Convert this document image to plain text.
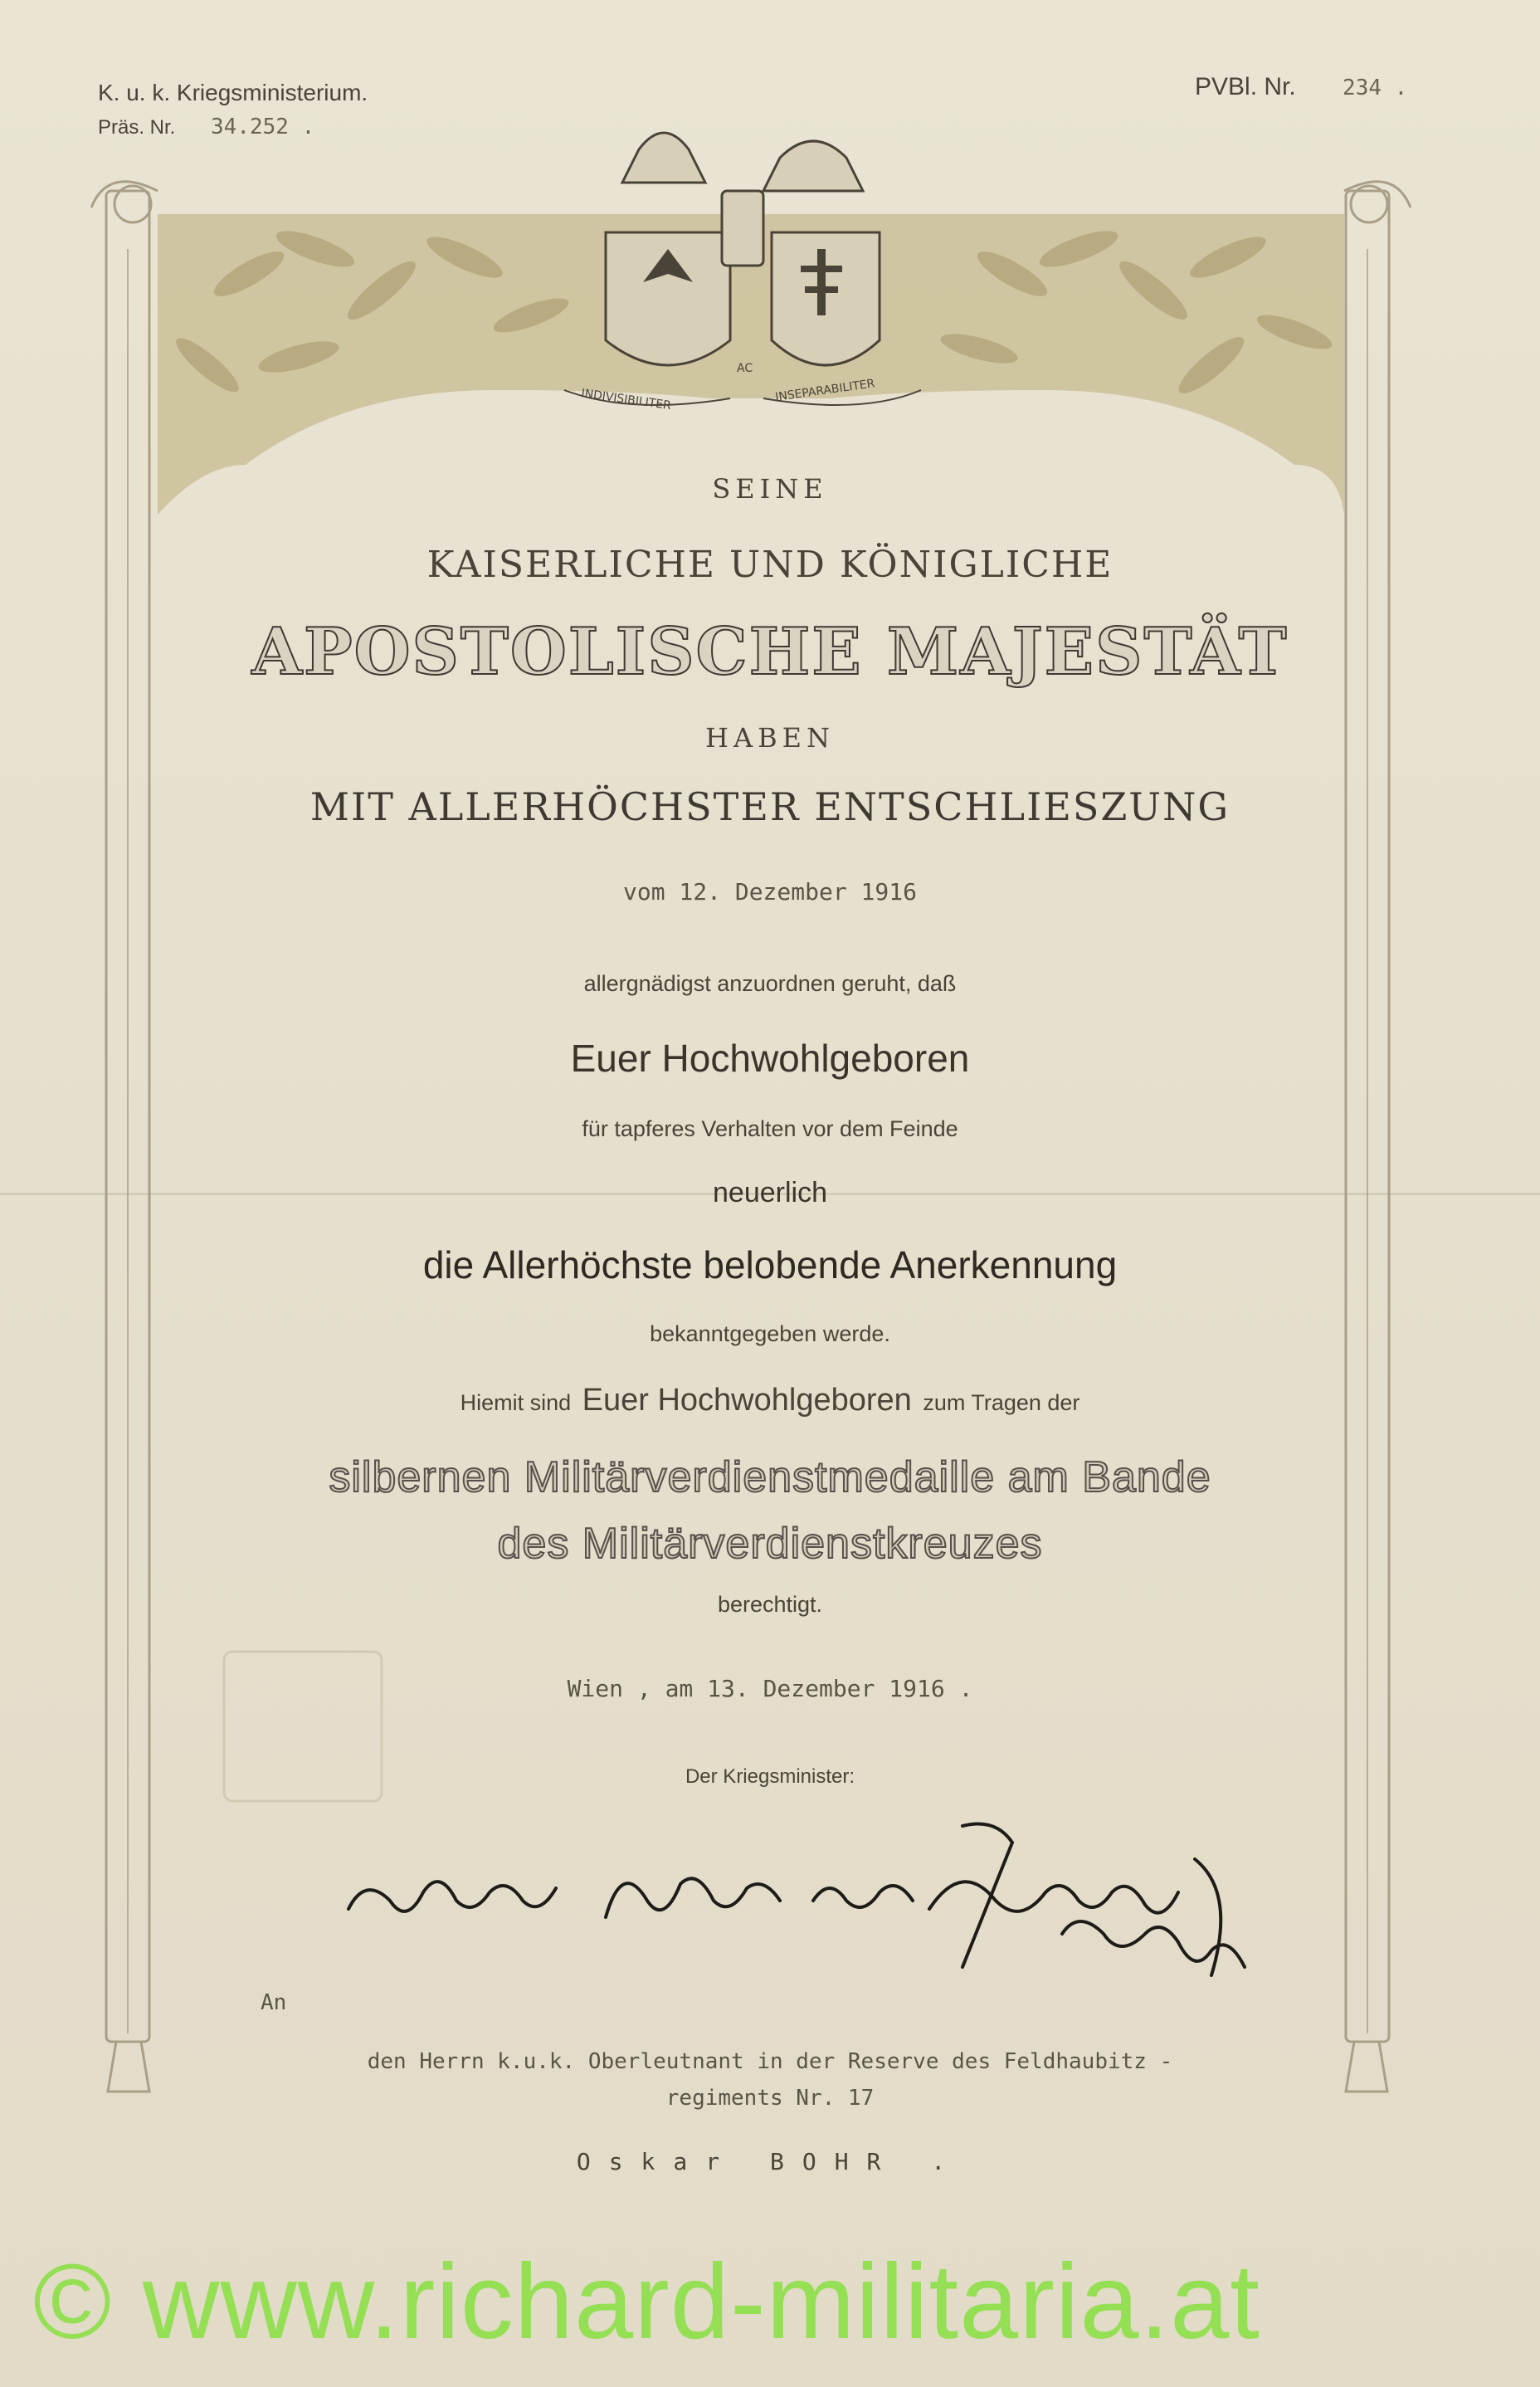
INDIVISIBILITER
AC
INSEPARABILITER
K. u. k. Kriegsministerium.
Präs. Nr. 34.252 .
PVBl. Nr. 234 .
SEINE
KAISERLICHE UND KÖNIGLICHE
APOSTOLISCHE MAJESTÄT
HABEN
MIT ALLERHÖCHSTER ENTSCHLIESZUNG
vom 12. Dezember 1916
allergnädigst anzuordnen geruht, daß
Euer Hochwohlgeboren
für tapferes Verhalten vor dem Feinde
neuerlich
die Allerhöchste belobende Anerkennung
bekanntgegeben werde.
Hiemit sind Euer Hochwohlgeboren zum Tragen der
silbernen Militärverdienstmedaille am Bande
des Militärverdienstkreuzes
berechtigt.
Wien , am 13. Dezember 1916 .
Der Kriegsminister:
An
den Herrn k.u.k. Oberleutnant in der Reserve des Feldhaubitz -
regiments Nr. 17
Oskar BOHR .
© www.richard-militaria.at
